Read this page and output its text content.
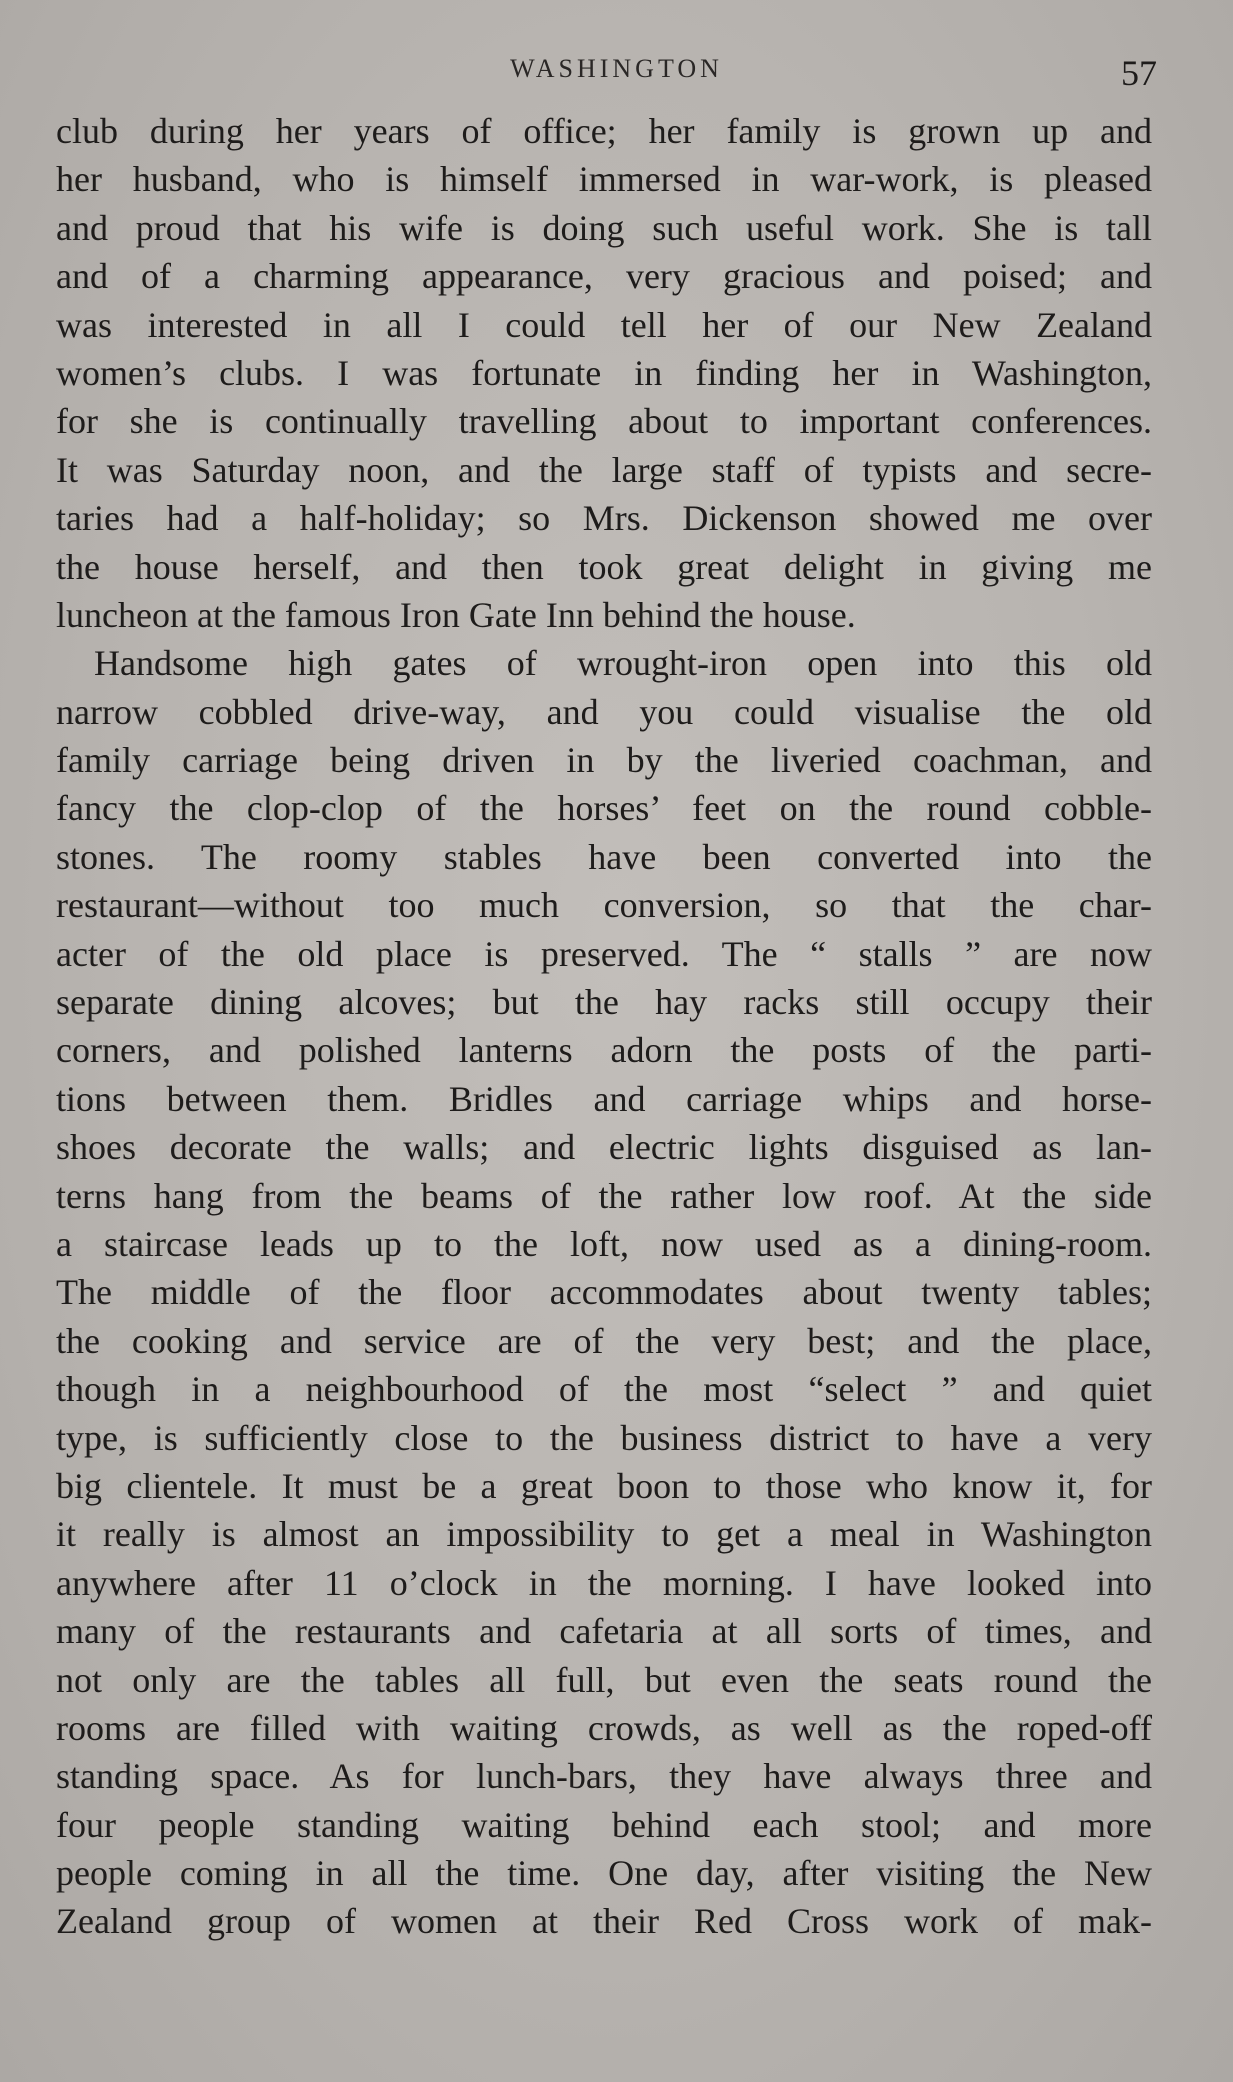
WASHINGTON	57
club during her years of office; her family is grown up and
her husband, who is himself immersed in war-work, is pleased
and proud that his wife is doing such useful work. She is tall
and of a charming appearance, very gracious and poised; and
was interested in all I could tell her of our New Zealand
women’s clubs. I was fortunate in finding her in Washington,
for she is continually travelling about to important conferences.
It was Saturday noon, and the large staff of typists and secre-
taries had a half-holiday; so Mrs. Dickenson showed me over
the house herself, and then took great delight in giving me
luncheon at the famous Iron Gate Inn behind the house.
Handsome high gates of wrought-iron open into this old
narrow cobbled drive-way, and you could visualise the old
family carriage being driven in by the liveried coachman, and
fancy the clop-clop of the horses’ feet on the round cobble-
stones. The roomy stables have been converted into the
restaurant—without too much conversion, so that the char-
acter of the old place is preserved. The “ stalls ” are now
separate dining alcoves; but the hay racks still occupy their
corners, and polished lanterns adorn the posts of the parti-
tions between them. Bridles and carriage whips and horse-
shoes decorate the walls; and electric lights disguised as lan-
terns hang from the beams of the rather low roof. At the side
a staircase leads up to the loft, now used as a dining-room.
The middle of the floor accommodates about twenty tables;
the cooking and service are of the very best; and the place,
though in a neighbourhood of the most “select ” and quiet
type, is sufficiently close to the business district to have a very
big clientele. It must be a great boon to those who know it, for
it really is almost an impossibility to get a meal in Washington
anywhere after 11 o’clock in the morning. I have looked into
many of the restaurants and cafetaria at all sorts of times, and
not only are the tables all full, but even the seats round the
rooms are filled with waiting crowds, as well as the roped-off
standing space. As for lunch-bars, they have always three and
four people standing waiting behind each stool; and more
people coming in all the time. One day, after visiting the New
Zealand group of women at their Red Cross work of mak-
